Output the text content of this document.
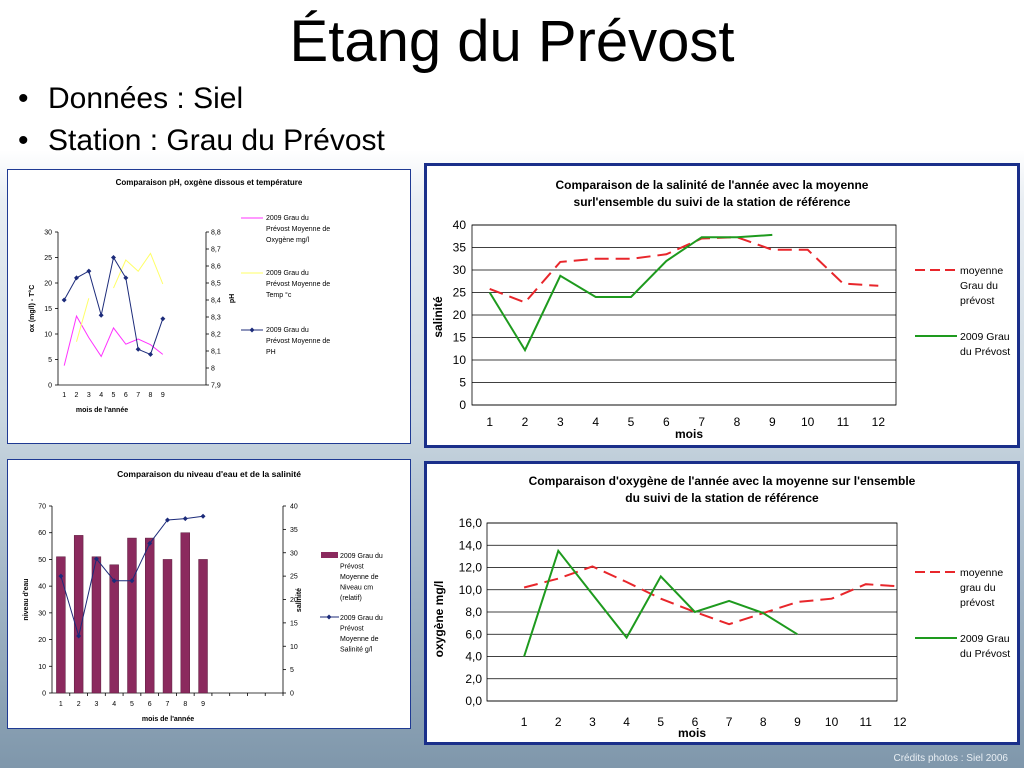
Étang du Prévost
• Données : Siel
• Station : Grau du Prévost
Comparaison pH, oxgène dissous et température
0
5
10
15
20
25
30
7,9
8
8,1
8,2
8,3
8,4
8,5
8,6
8,7
8,8
1 2 3 4 5 6 7 8 9
mois de l'année
ox (mg/l) - T°C	pH
2009 Grau du
Prévost Moyenne de
Oxygène mg/l
2009 Grau du
Prévost Moyenne de
Temp °c
2009 Grau du
Prévost Moyenne de
PH
Comparaison de la salinité de l'année avec la moyenne
surl'ensemble du suivi de la station de référence
0
5
10
15
20
25
30
35
40
1 2 3 4 5 6 7 8 9 10 11 12
mois
salinité
moyenne
Grau du
prévost
2009 Grau
du Prévost
Comparaison du niveau d'eau et de la salinité
0
10
20
30
40
50
60
70
0
5
10
15
20
25
30
35
40
1 2 3 4 5 6 7 8 9
mois de l'année
niveau d'eau	salinité
2009 Grau du
Prévost
Moyenne de
Niveau cm
(relatif)
2009 Grau du
Prévost
Moyenne de
Salinité g/l
Comparaison d'oxygène de l'année avec la moyenne sur l'ensemble
du suivi de la station de référence
0,0
2,0
4,0
6,0
8,0
10,0
12,0
14,0
16,0
1 2 3 4 5 6 7 8 9 10 11 12
mois
oxygène mg/l
moyenne
grau du
prévost
2009 Grau
du Prévost
Crédits photos : Siel 2006
